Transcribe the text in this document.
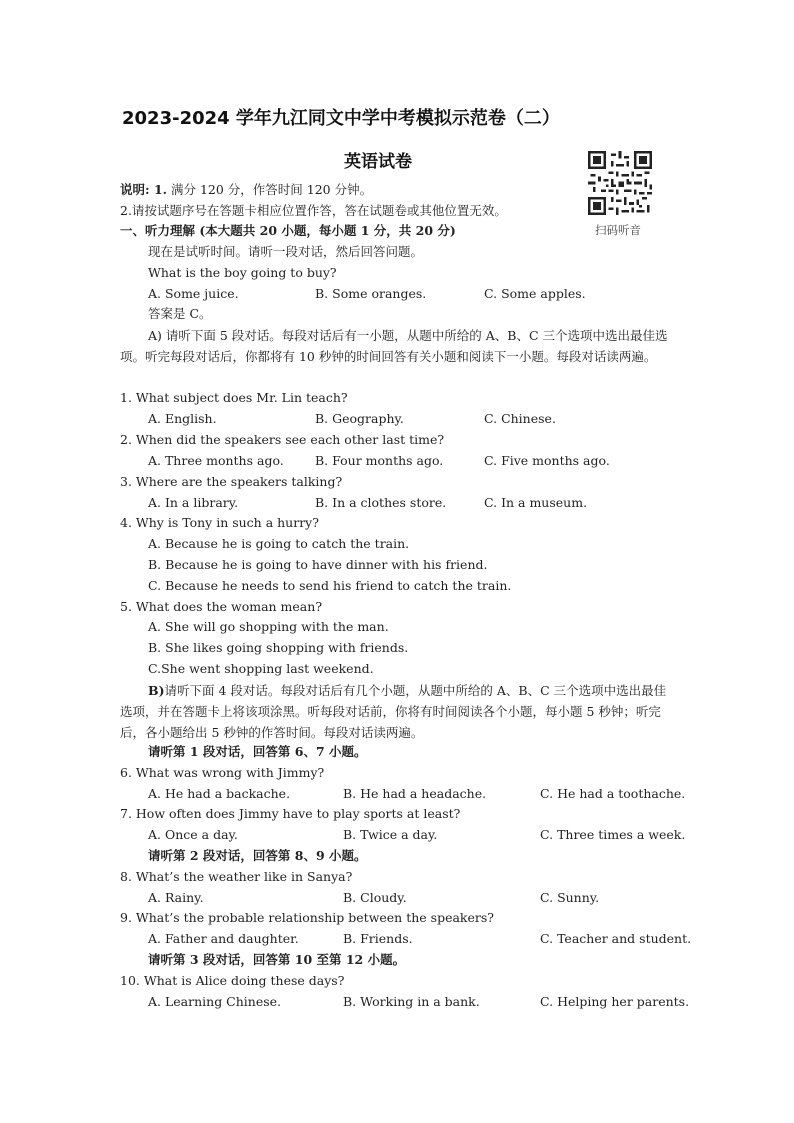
2023-2024 学年九江同文中学中考模拟示范卷（二）
英语试卷
扫码听音
说明: 1. 满分 120 分，作答时间 120 分钟。
2.请按试题序号在答题卡相应位置作答，答在试题卷或其他位置无效。
一、听力理解 (本大题共 20 小题，每小题 1 分，共 20 分)
现在是试听时间。请听一段对话，然后回答问题。
What is the boy going to buy?
A. Some juice.	B. Some oranges.	C. Some apples.
答案是 C。
A) 请听下面 5 段对话。每段对话后有一小题，从题中所给的 A、B、C 三个选项中选出最佳选项。听完每段对话后，你都将有 10 秒钟的时间回答有关小题和阅读下一小题。每段对话读两遍。
1. What subject does Mr. Lin teach?
A. English.	B. Geography.	C. Chinese.
2. When did the speakers see each other last time?
A. Three months ago.	B. Four months ago.	C. Five months ago.
3. Where are the speakers talking?
A. In a library.	B. In a clothes store.	C. In a museum.
4. Why is Tony in such a hurry?
A. Because he is going to catch the train.
B. Because he is going to have dinner with his friend.
C. Because he needs to send his friend to catch the train.
5. What does the woman mean?
A. She will go shopping with the man.
B. She likes going shopping with friends.
C.She went shopping last weekend.
B)请听下面 4 段对话。每段对话后有几个小题，从题中所给的 A、B、C 三个选项中选出最佳选项，并在答题卡上将该项涂黑。听每段对话前，你将有时间阅读各个小题，每小题 5 秒钟；听完后，各小题给出 5 秒钟的作答时间。每段对话读两遍。
请听第 1 段对话，回答第 6、7 小题。
6. What was wrong with Jimmy?
A. He had a backache.	B. He had a headache.	C. He had a toothache.
7. How often does Jimmy have to play sports at least?
A. Once a day.	B. Twice a day.	C. Three times a week.
请听第 2 段对话，回答第 8、9 小题。
8. What’s the weather like in Sanya?
A. Rainy.	B. Cloudy.	C. Sunny.
9. What’s the probable relationship between the speakers?
A. Father and daughter.	B. Friends.	C. Teacher and student.
请听第 3 段对话，回答第 10 至第 12 小题。
10. What is Alice doing these days?
A. Learning Chinese.	B. Working in a bank.	C. Helping her parents.
